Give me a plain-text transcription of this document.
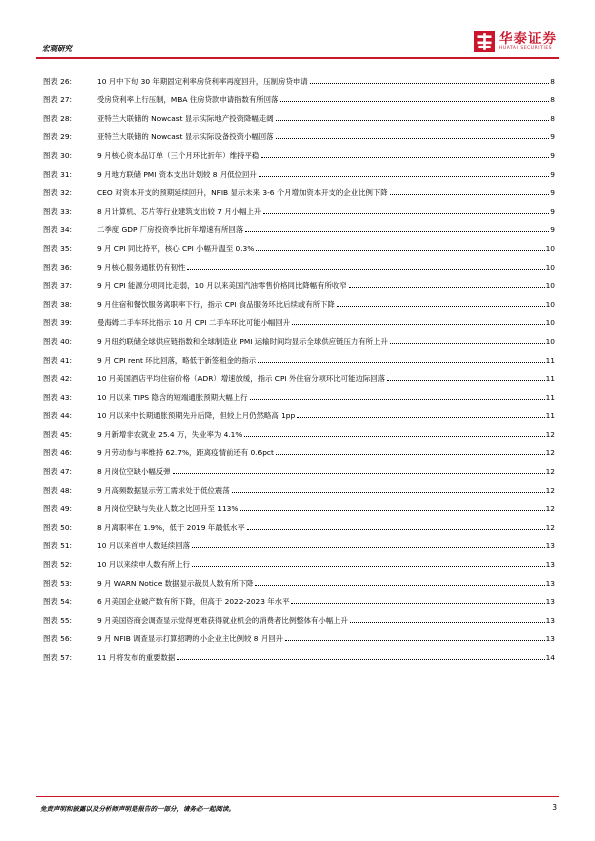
宏观研究
华泰证券
HUATAI SECURITIES
图表 26:	10 月中下旬 30 年期固定利率房贷利率再度回升，压制房贷申请	8
图表 27:	受房贷利率上行压制，MBA 住房贷款申请指数有所回落	8
图表 28:	亚特兰大联储的 Nowcast 显示实际地产投资降幅走阔	8
图表 29:	亚特兰大联储的 Nowcast 显示实际设备投资小幅回落	9
图表 30:	9 月核心资本品订单（三个月环比折年）维持平稳	9
图表 31:	9 月地方联储 PMI 资本支出计划较 8 月低位回升	9
图表 32:	CEO 对资本开支的预期延续回升，NFIB 显示未来 3-6 个月增加资本开支的企业比例下降	9
图表 33:	8 月计算机、芯片等行业建筑支出较 7 月小幅上升	9
图表 34:	二季度 GDP 厂房投资季比折年增速有所回落	9
图表 35:	9 月 CPI 同比持平，核心 CPI 小幅升温至 0.3%	10
图表 36:	9 月核心服务通胀仍有韧性	10
图表 37:	9 月 CPI 能源分项同比走弱，10 月以来美国汽油零售价格同比降幅有所收窄	10
图表 38:	9 月住宿和餐饮服务离职率下行，指示 CPI 食品服务环比后续或有所下降	10
图表 39:	曼海姆二手车环比指示 10 月 CPI 二手车环比可能小幅回升	10
图表 40:	9 月纽约联储全球供应链指数和全球制造业 PMI 运输时间均显示全球供应链压力有所上升	10
图表 41:	9 月 CPI rent 环比回落，略低于新签租金的指示	11
图表 42:	10 月美国酒店平均住宿价格（ADR）增速放缓，指示 CPI 外住宿分项环比可能边际回落	11
图表 43:	10 月以来 TIPS 隐含的短端通胀预期大幅上行	11
图表 44:	10 月以来中长期通胀预期先升后降，但较上月仍然略高 1pp	11
图表 45:	9 月新增非农就业 25.4 万，失业率为 4.1%	12
图表 46:	9 月劳动参与率维持 62.7%，距离疫情前还有 0.6pct	12
图表 47:	8 月岗位空缺小幅反弹	12
图表 48:	9 月高频数据显示劳工需求处于低位震荡	12
图表 49:	8 月岗位空缺与失业人数之比回升至 113%	12
图表 50:	8 月离职率在 1.9%，低于 2019 年最低水平	12
图表 51:	10 月以来首申人数延续回落	13
图表 52:	10 月以来续申人数有所上行	13
图表 53:	9 月 WARN Notice 数据显示裁员人数有所下降	13
图表 54:	6 月美国企业破产数有所下降，但高于 2022-2023 年水平	13
图表 55:	9 月美国咨商会调查显示觉得更难获得就业机会的消费者比例整体有小幅上升	13
图表 56:	9 月 NFIB 调查显示打算招聘的小企业主比例较 8 月回升	13
图表 57:	11 月将发布的重要数据	14
免责声明和披露以及分析师声明是报告的一部分，请务必一起阅读。	3
